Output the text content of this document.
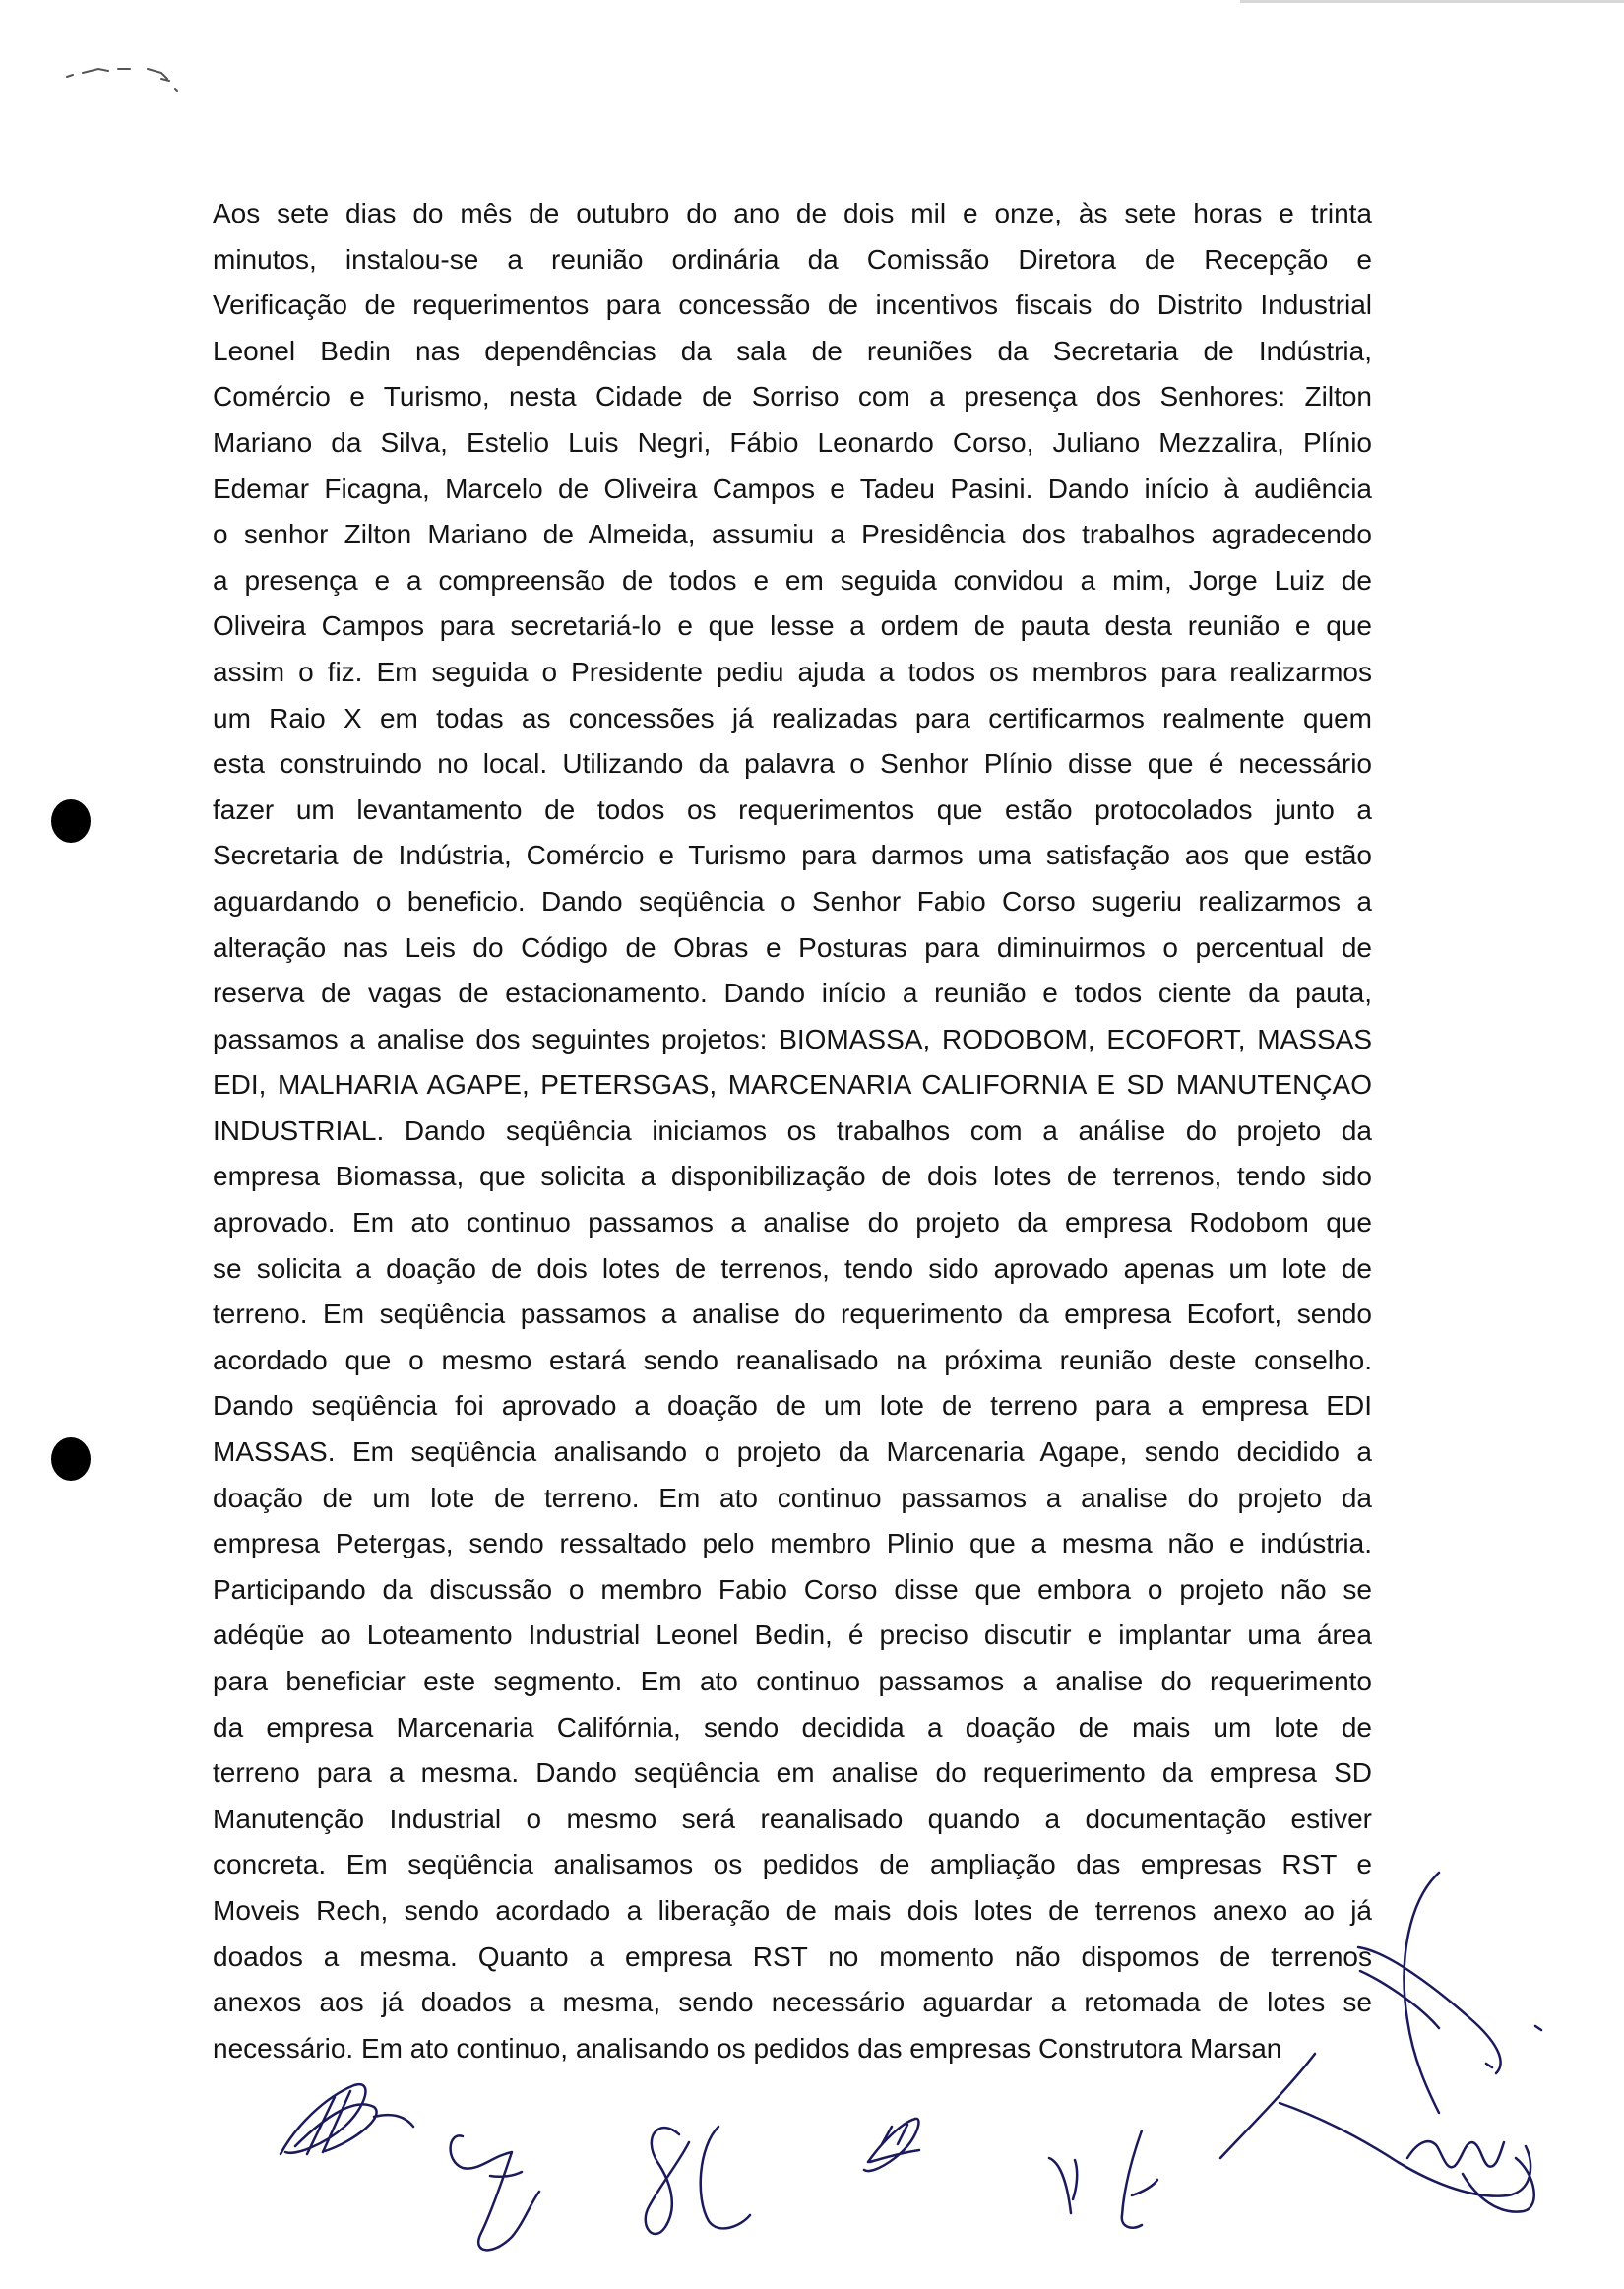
Aos sete dias do mês de outubro do ano de dois mil e onze, às sete horas e trinta
minutos, instalou-se a reunião ordinária da Comissão Diretora de Recepção e
Verificação de requerimentos para concessão de incentivos fiscais do Distrito Industrial
Leonel Bedin nas dependências da sala de reuniões da Secretaria de Indústria,
Comércio e Turismo, nesta Cidade de Sorriso com a presença dos Senhores: Zilton
Mariano da Silva, Estelio Luis Negri, Fábio Leonardo Corso, Juliano Mezzalira, Plínio
Edemar Ficagna, Marcelo de Oliveira Campos e Tadeu Pasini. Dando início à audiência
o senhor Zilton Mariano de Almeida, assumiu a Presidência dos trabalhos agradecendo
a presença e a compreensão de todos e em seguida convidou a mim, Jorge Luiz de
Oliveira Campos para secretariá-lo e que lesse a ordem de pauta desta reunião e que
assim o fiz. Em seguida o Presidente pediu ajuda a todos os membros para realizarmos
um Raio X em todas as concessões já realizadas para certificarmos realmente quem
esta construindo no local. Utilizando da palavra o Senhor Plínio disse que é necessário
fazer um levantamento de todos os requerimentos que estão protocolados junto a
Secretaria de Indústria, Comércio e Turismo para darmos uma satisfação aos que estão
aguardando o beneficio. Dando seqüência o Senhor Fabio Corso sugeriu realizarmos a
alteração nas Leis do Código de Obras e Posturas para diminuirmos o percentual de
reserva de vagas de estacionamento. Dando início a reunião e todos ciente da pauta,
passamos a analise dos seguintes projetos: BIOMASSA, RODOBOM, ECOFORT, MASSAS
EDI, MALHARIA AGAPE, PETERSGAS, MARCENARIA CALIFORNIA E SD MANUTENÇAO
INDUSTRIAL. Dando seqüência iniciamos os trabalhos com a análise do projeto da
empresa Biomassa, que solicita a disponibilização de dois lotes de terrenos, tendo sido
aprovado. Em ato continuo passamos a analise do projeto da empresa Rodobom que
se solicita a doação de dois lotes de terrenos, tendo sido aprovado apenas um lote de
terreno. Em seqüência passamos a analise do requerimento da empresa Ecofort, sendo
acordado que o mesmo estará sendo reanalisado na próxima reunião deste conselho.
Dando seqüência foi aprovado a doação de um lote de terreno para a empresa EDI
MASSAS. Em seqüência analisando o projeto da Marcenaria Agape, sendo decidido a
doação de um lote de terreno. Em ato continuo passamos a analise do projeto da
empresa Petergas, sendo ressaltado pelo membro Plinio que a mesma não e indústria.
Participando da discussão o membro Fabio Corso disse que embora o projeto não se
adéqüe ao Loteamento Industrial Leonel Bedin, é preciso discutir e implantar uma área
para beneficiar este segmento. Em ato continuo passamos a analise do requerimento
da empresa Marcenaria Califórnia, sendo decidida a doação de mais um lote de
terreno para a mesma. Dando seqüência em analise do requerimento da empresa SD
Manutenção Industrial o mesmo será reanalisado quando a documentação estiver
concreta. Em seqüência analisamos os pedidos de ampliação das empresas RST e
Moveis Rech, sendo acordado a liberação de mais dois lotes de terrenos anexo ao já
doados a mesma. Quanto a empresa RST no momento não dispomos de terrenos
anexos aos já doados a mesma, sendo necessário aguardar a retomada de lotes se
necessário. Em ato continuo, analisando os pedidos das empresas Construtora Marsan
